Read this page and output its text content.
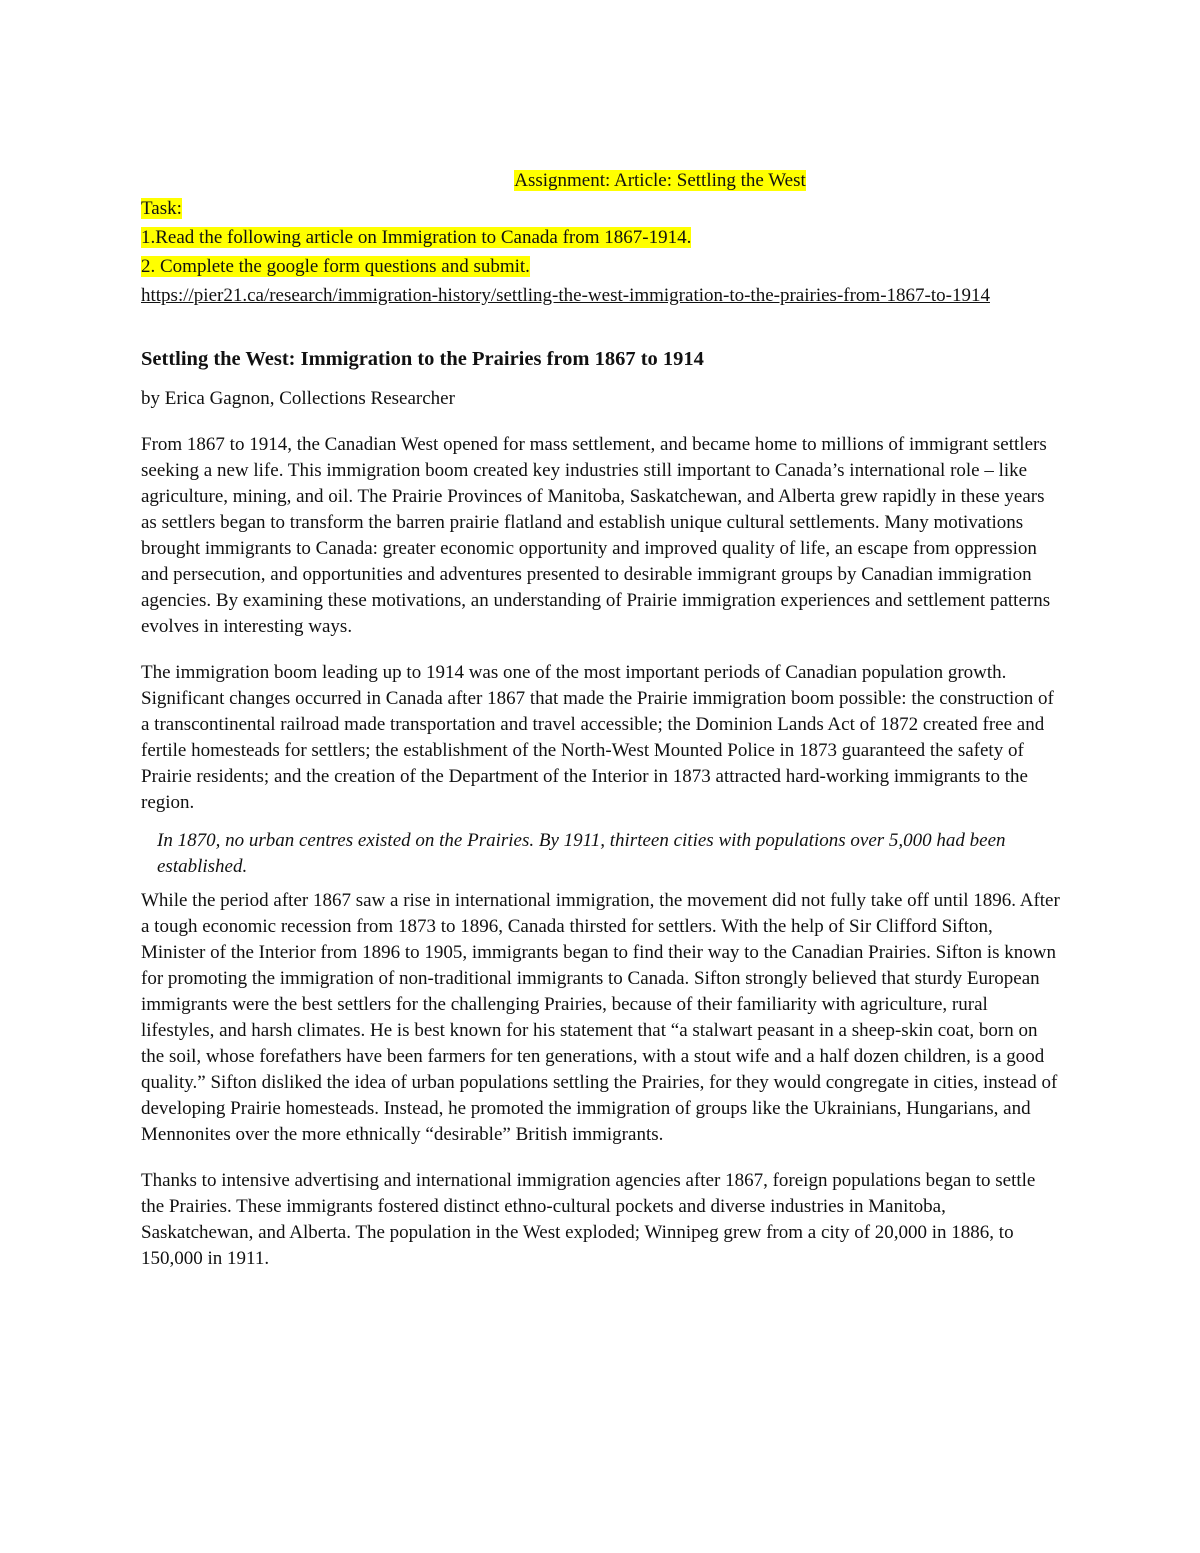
Assignment: Article: Settling the West
Task:
1.Read the following article on Immigration to Canada from 1867-1914.
2. Complete the google form questions and submit.
https://pier21.ca/research/immigration-history/settling-the-west-immigration-to-the-prairies-from-1867-to-1914
Settling the West: Immigration to the Prairies from 1867 to 1914
by Erica Gagnon, Collections Researcher

From 1867 to 1914, the Canadian West opened for mass settlement, and became home to millions of immigrant settlers seeking a new life. This immigration boom created key industries still important to Canada’s international role – like agriculture, mining, and oil. The Prairie Provinces of Manitoba, Saskatchewan, and Alberta grew rapidly in these years as settlers began to transform the barren prairie flatland and establish unique cultural settlements. Many motivations brought immigrants to Canada: greater economic opportunity and improved quality of life, an escape from oppression and persecution, and opportunities and adventures presented to desirable immigrant groups by Canadian immigration agencies. By examining these motivations, an understanding of Prairie immigration experiences and settlement patterns evolves in interesting ways.

The immigration boom leading up to 1914 was one of the most important periods of Canadian population growth. Significant changes occurred in Canada after 1867 that made the Prairie immigration boom possible: the construction of a transcontinental railroad made transportation and travel accessible; the Dominion Lands Act of 1872 created free and fertile homesteads for settlers; the establishment of the North-West Mounted Police in 1873 guaranteed the safety of Prairie residents; and the creation of the Department of the Interior in 1873 attracted hard-working immigrants to the region.

In 1870, no urban centres existed on the Prairies. By 1911, thirteen cities with populations over 5,000 had been established.

While the period after 1867 saw a rise in international immigration, the movement did not fully take off until 1896. After a tough economic recession from 1873 to 1896, Canada thirsted for settlers. With the help of Sir Clifford Sifton, Minister of the Interior from 1896 to 1905, immigrants began to find their way to the Canadian Prairies. Sifton is known for promoting the immigration of non-traditional immigrants to Canada. Sifton strongly believed that sturdy European immigrants were the best settlers for the challenging Prairies, because of their familiarity with agriculture, rural lifestyles, and harsh climates. He is best known for his statement that “a stalwart peasant in a sheep-skin coat, born on the soil, whose forefathers have been farmers for ten generations, with a stout wife and a half dozen children, is a good quality.” Sifton disliked the idea of urban populations settling the Prairies, for they would congregate in cities, instead of developing Prairie homesteads. Instead, he promoted the immigration of groups like the Ukrainians, Hungarians, and Mennonites over the more ethnically “desirable” British immigrants.

Thanks to intensive advertising and international immigration agencies after 1867, foreign populations began to settle the Prairies. These immigrants fostered distinct ethno-cultural pockets and diverse industries in Manitoba, Saskatchewan, and Alberta. The population in the West exploded; Winnipeg grew from a city of 20,000 in 1886, to 150,000 in 1911.
